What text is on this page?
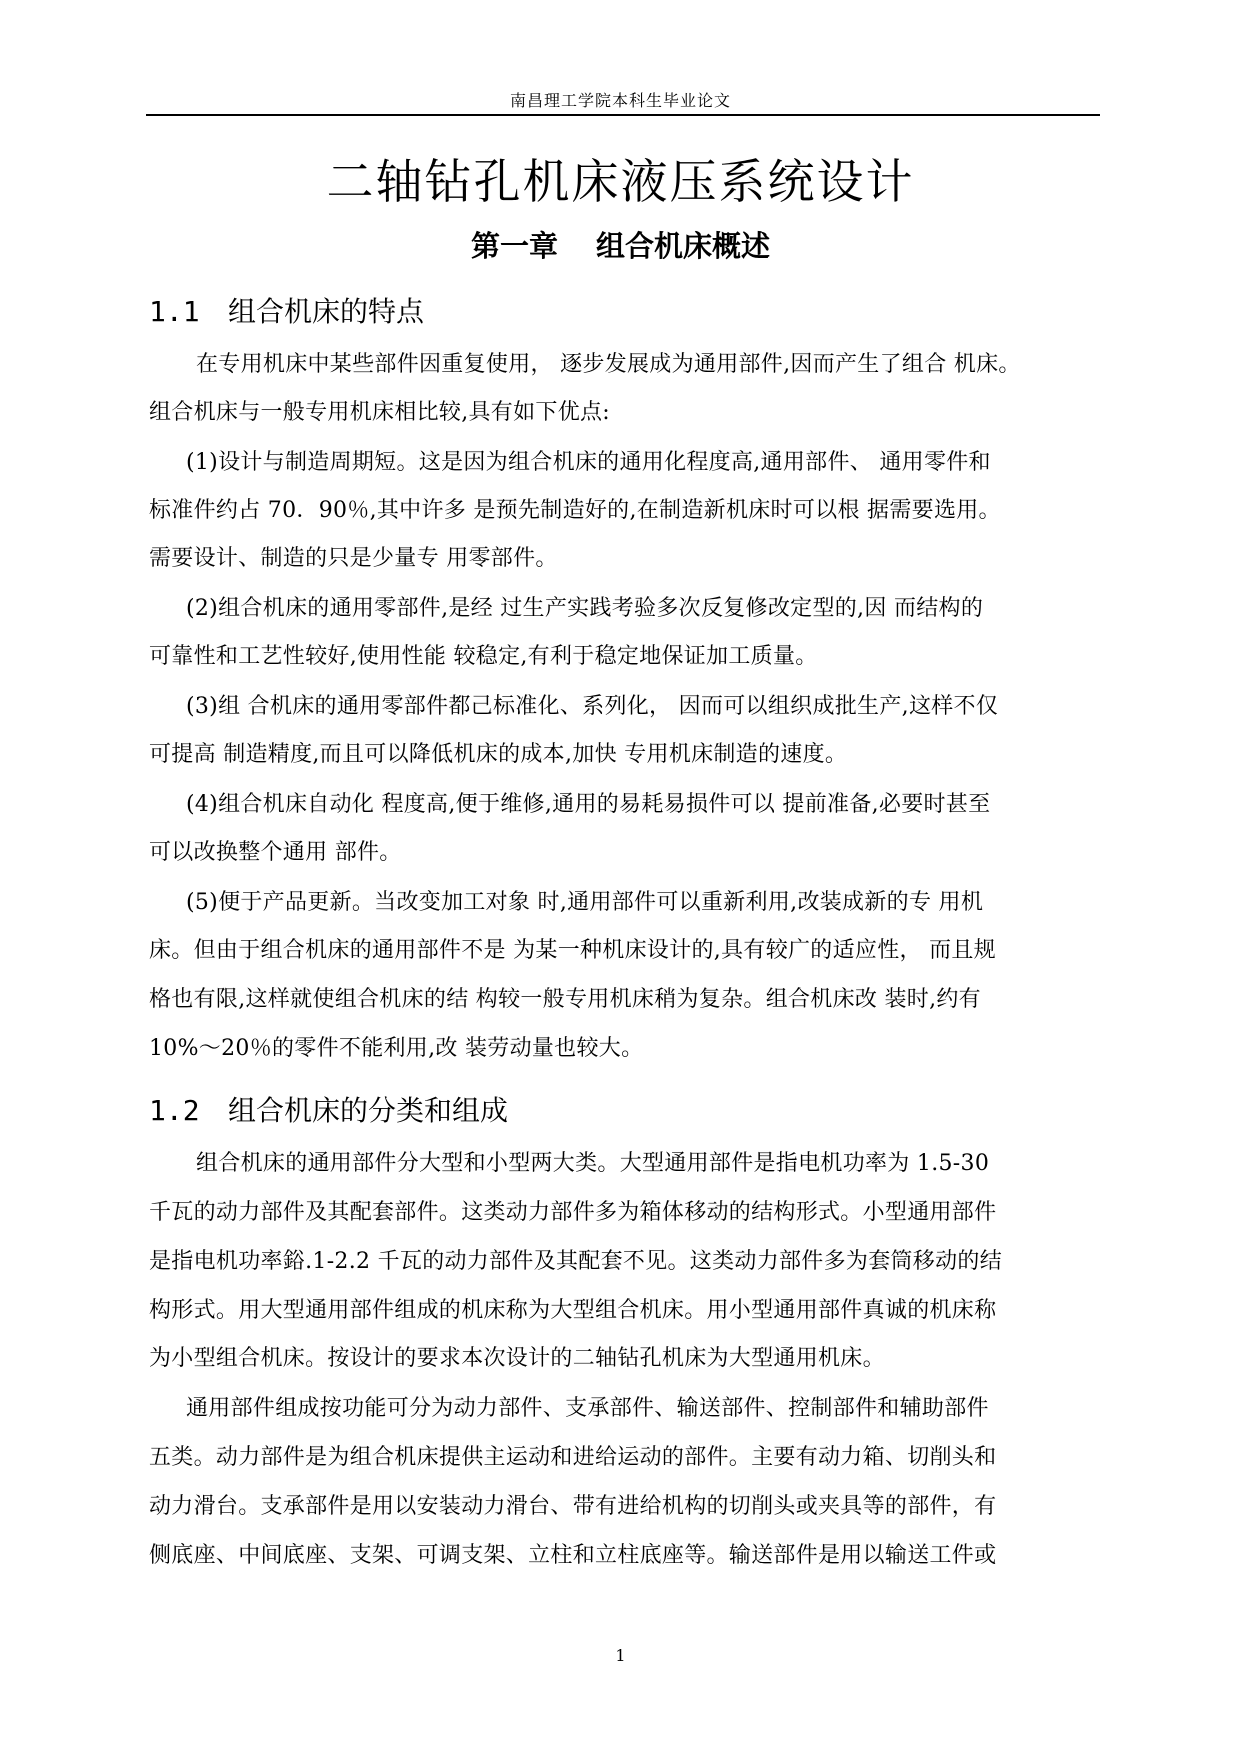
南昌理工学院本科生毕业论文
二轴钻孔机床液压系统设计
第一章 组合机床概述
1.1 组合机床的特点
在专用机床中某些部件因重复使用， 逐步发展成为通用部件,因而产生了组合 机床。
组合机床与一般专用机床相比较,具有如下优点:
(1)设计与制造周期短。这是因为组合机床的通用化程度高,通用部件、 通用零件和
标准件约占 70．90％,其中许多 是预先制造好的,在制造新机床时可以根 据需要选用。
需要设计、制造的只是少量专 用零部件。
(2)组合机床的通用零部件,是经 过生产实践考验多次反复修改定型的,因 而结构的
可靠性和工艺性较好,使用性能 较稳定,有利于稳定地保证加工质量。
(3)组 合机床的通用零部件都己标准化、系列化， 因而可以组织成批生产,这样不仅
可提高 制造精度,而且可以降低机床的成本,加快 专用机床制造的速度。
(4)组合机床自动化 程度高,便于维修,通用的易耗易损件可以 提前准备,必要时甚至
可以改换整个通用 部件。
(5)便于产品更新。当改变加工对象 时,通用部件可以重新利用,改装成新的专 用机
床。但由于组合机床的通用部件不是 为某一种机床设计的,具有较广的适应性， 而且规
格也有限,这样就使组合机床的结 构较一般专用机床稍为复杂。组合机床改 装时,约有
10%～20％的零件不能利用,改 装劳动量也较大。
1.2 组合机床的分类和组成
组合机床的通用部件分大型和小型两大类。大型通用部件是指电机功率为 1.5-30
千瓦的动力部件及其配套部件。这类动力部件多为箱体移动的结构形式。小型通用部件
是指电机功率鋊.1-2.2 千瓦的动力部件及其配套不见。这类动力部件多为套筒移动的结
构形式。用大型通用部件组成的机床称为大型组合机床。用小型通用部件真诚的机床称
为小型组合机床。按设计的要求本次设计的二轴钻孔机床为大型通用机床。
通用部件组成按功能可分为动力部件、支承部件、输送部件、控制部件和辅助部件
五类。动力部件是为组合机床提供主运动和进给运动的部件。主要有动力箱、切削头和
动力滑台。支承部件是用以安装动力滑台、带有进给机构的切削头或夹具等的部件，有
侧底座、中间底座、支架、可调支架、立柱和立柱底座等。输送部件是用以输送工件或
1
